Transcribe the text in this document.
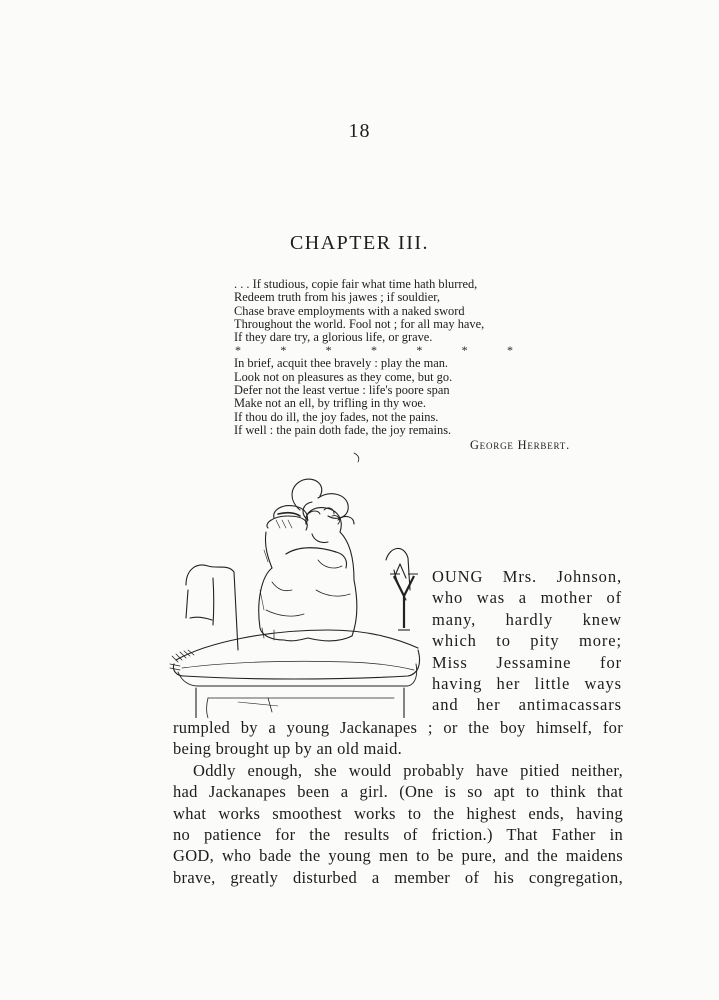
18
CHAPTER III.
. . . If studious, copie fair what time hath blurred,
Redeem truth from his jawes ; if souldier,
Chase brave employments with a naked sword
Throughout the world. Fool not ; for all may have,
If they dare try, a glorious life, or grave.
*	*	*	*	*	*	*
In brief, acquit thee bravely : play the man.
Look not on pleasures as they come, but go.
Defer not the least vertue : life's poore span
Make not an ell, by trifling in thy woe.
If thou do ill, the joy fades, not the pains.
If well : the pain doth fade, the joy remains.
George Herbert.
OUNG Mrs. Johnson,
who was a mother of
many, hardly knew
which to pity more;
Miss Jessamine for
having her little ways
and her antimacassars
rumpled by a young Jackanapes ; or the boy himself, for
being brought up by an old maid.
Oddly enough, she would probably have pitied neither,
had Jackanapes been a girl. (One is so apt to think that
what works smoothest works to the highest ends, having
no patience for the results of friction.) That Father in
GOD, who bade the young men to be pure, and the maidens
brave, greatly disturbed a member of his congregation,
